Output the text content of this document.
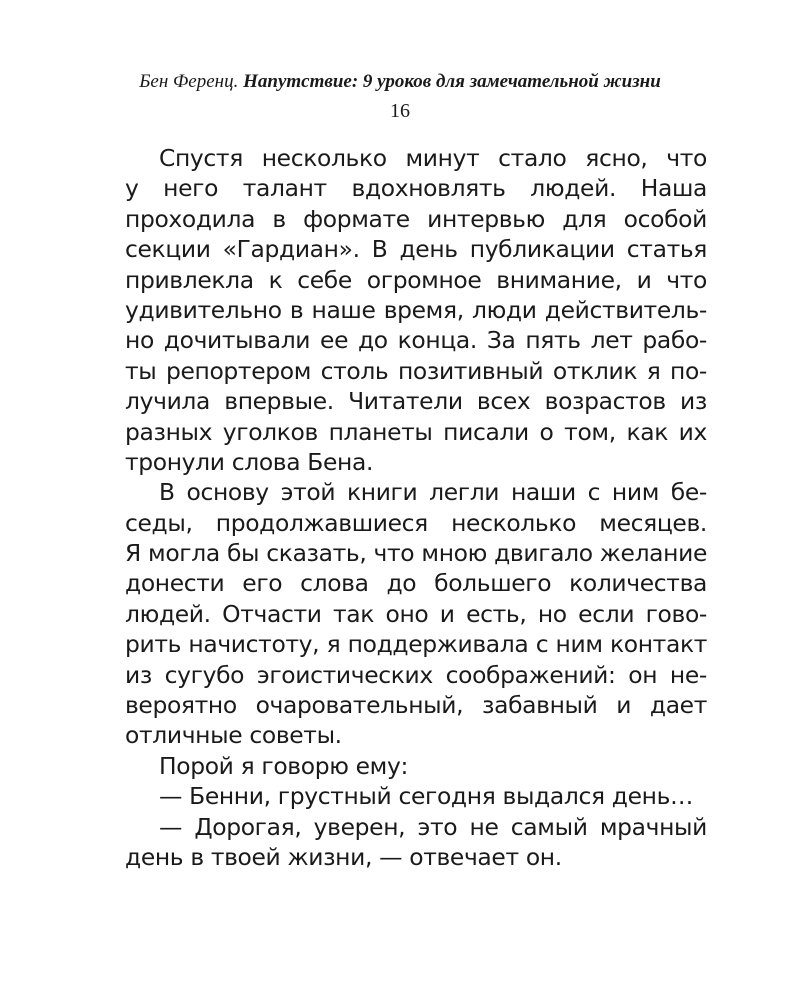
Бен Ференц. Напутствие: 9 уроков для замечательной жизни
16
Спустя несколько минут стало ясно, что
у него талант вдохновлять людей. Наша
проходила в формате интервью для особой
секции «Гардиан». В день публикации статья
привлекла к себе огромное внимание, и что
удивительно в наше время, люди действитель-
но дочитывали ее до конца. За пять лет рабо-
ты репортером столь позитивный отклик я по-
лучила впервые. Читатели всех возрастов из
разных уголков планеты писали о том, как их
тронули слова Бена.
В основу этой книги легли наши с ним бе-
седы, продолжавшиеся несколько месяцев.
Я могла бы сказать, что мною двигало желание
донести его слова до большего количества
людей. Отчасти так оно и есть, но если гово-
рить начистоту, я поддерживала с ним контакт
из сугубо эгоистических соображений: он не-
вероятно очаровательный, забавный и дает
отличные советы.
Порой я говорю ему:
— Бенни, грустный сегодня выдался день…
— Дорогая, уверен, это не самый мрачный
день в твоей жизни, — отвечает он.
